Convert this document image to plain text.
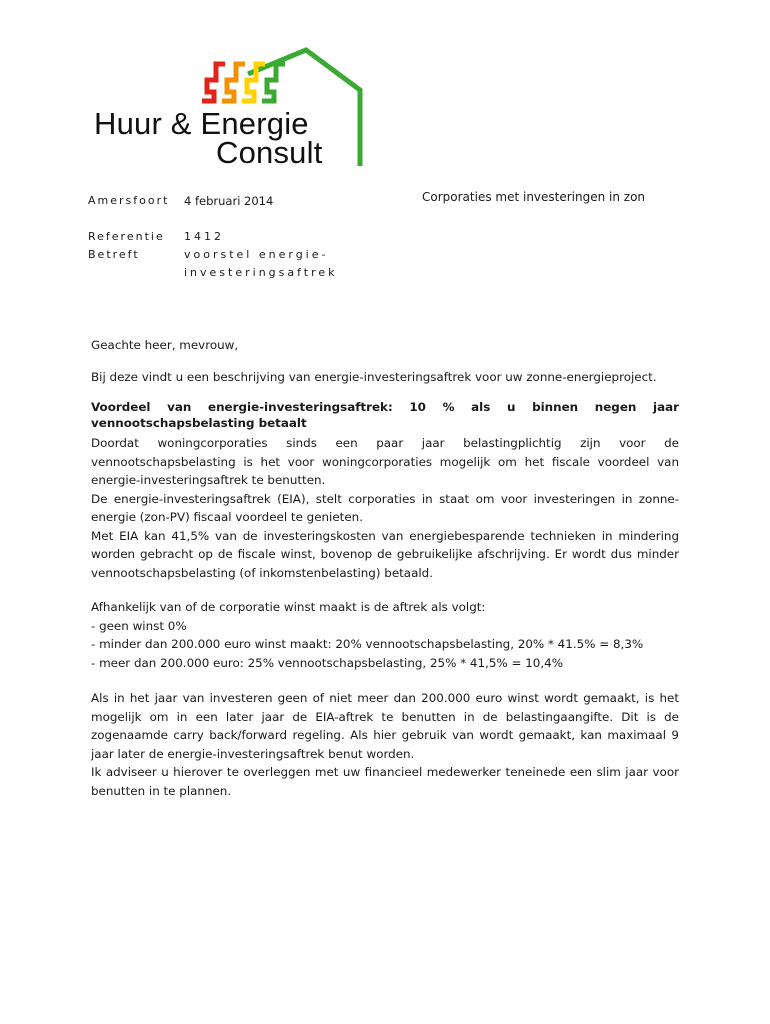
Huur & Energie
Consult
Amersfoort 4 februari 2014
Referentie 1412
Betreft	voorstel energie-
investeringsaftrek
Corporaties met investeringen in zon
Geachte heer, mevrouw,
Bij deze vindt u een beschrijving van energie-investeringsaftrek voor uw zonne-energieproject.
Voordeel van energie-investeringsaftrek: 10 % als u binnen negen jaar
vennootschapsbelasting betaalt

Doordat woningcorporaties sinds een paar jaar belastingplichtig zijn voor de vennootschapsbelasting is het voor woningcorporaties mogelijk om het fiscale voordeel van energie-investeringsaftrek te benutten.

De energie-investeringsaftrek (EIA), stelt corporaties in staat om voor investeringen in zonne-energie (zon-PV) fiscaal voordeel te genieten.

Met EIA kan 41,5% van de investeringskosten van energiebesparende technieken in mindering worden gebracht op de fiscale winst, bovenop de gebruikelijke afschrijving. Er wordt dus minder vennootschapsbelasting (of inkomstenbelasting) betaald.

Afhankelijk van of de corporatie winst maakt is de aftrek als volgt:
- geen winst 0%
- minder dan 200.000 euro winst maakt: 20% vennootschapsbelasting, 20% * 41.5% = 8,3%
- meer dan 200.000 euro: 25% vennootschapsbelasting, 25% * 41,5% = 10,4%

Als in het jaar van investeren geen of niet meer dan 200.000 euro winst wordt gemaakt, is het mogelijk om in een later jaar de EIA-aftrek te benutten in de belastingaangifte. Dit is de zogenaamde carry back/forward regeling. Als hier gebruik van wordt gemaakt, kan maximaal 9 jaar later de energie-investeringsaftrek benut worden.

Ik adviseer u hierover te overleggen met uw financieel medewerker teneinede een slim jaar voor benutten in te plannen.
